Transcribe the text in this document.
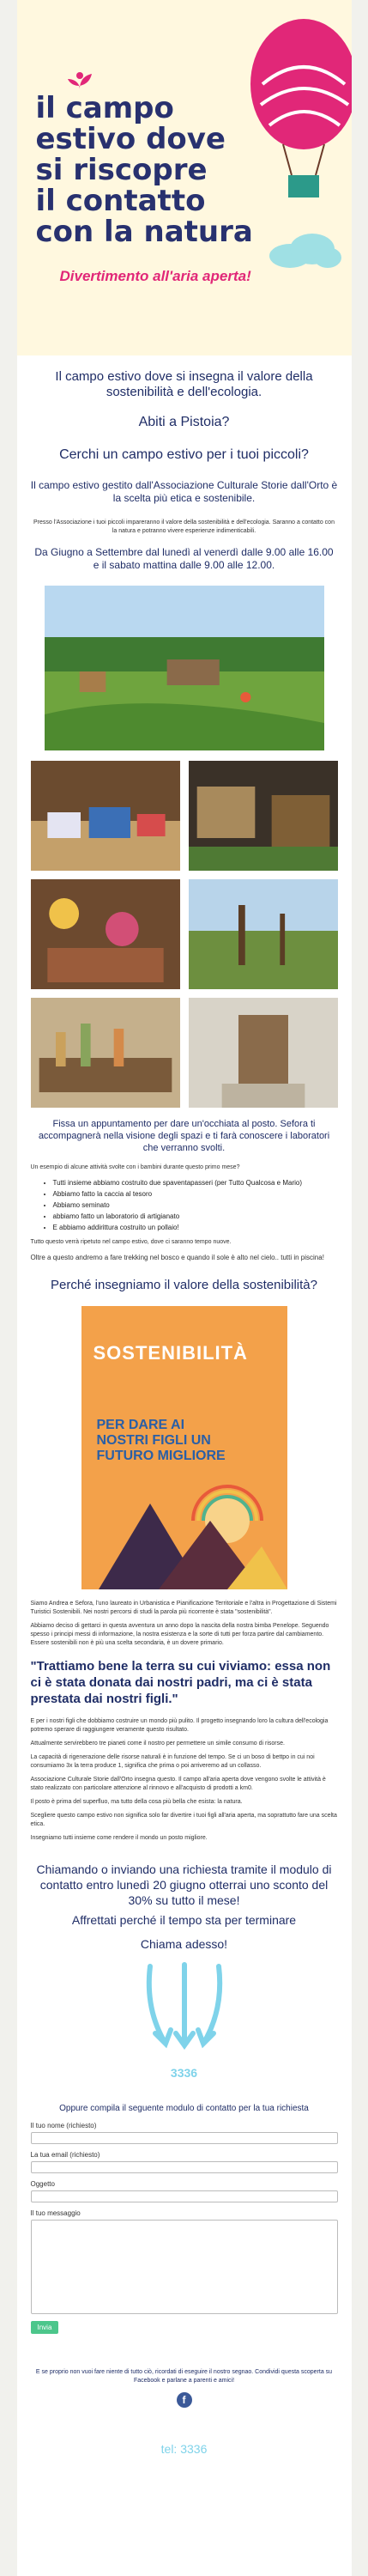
il campo
estivo dove
si riscopre
il contatto
con la natura
Divertimento all'aria aperta!
Il campo estivo dove si insegna il valore della sostenibilità e dell'ecologia.
Abiti a Pistoia?
Cerchi un campo estivo per i tuoi piccoli?
Il campo estivo gestito dall'Associazione Culturale Storie dall'Orto è la scelta più etica e sostenibile.
Presso l'Associazione i tuoi piccoli impareranno il valore della sostenibilità e dell'ecologia. Saranno a contatto con la natura e potranno vivere esperienze indimenticabili.
Da Giugno a Settembre dal lunedì al venerdì dalle 9.00 alle 16.00 e il sabato mattina dalle 9.00 alle 12.00.
Fissa un appuntamento per dare un'occhiata al posto. Sefora ti accompagnerà nella visione degli spazi e ti farà conoscere i laboratori che verranno svolti.
Un esempio di alcune attività svolte con i bambini durante questo primo mese?
• Tutti insieme abbiamo costruito due spaventapasseri (per Tutto Qualcosa e Mario)
• Abbiamo fatto la caccia al tesoro
• Abbiamo seminato
• abbiamo fatto un laboratorio di artigianato
• E abbiamo addirittura costruito un pollaio!
Tutto questo verrà ripetuto nel campo estivo, dove ci saranno tempo nuove.
Oltre a questo andremo a fare trekking nel bosco e quando il sole è alto nel cielo.. tutti in piscina!
Perché insegniamo il valore della sostenibilità?
SOSTENIBILITÀ
PER DARE AI
NOSTRI FIGLI UN
FUTURO MIGLIORE
Siamo Andrea e Sefora, l'uno laureato in Urbanistica e Pianificazione Territoriale e l'altra in Progettazione di Sistemi Turistici Sostenibili. Nei nostri percorsi di studi la parola più ricorrente è stata "sostenibilità".
Abbiamo deciso di gettarci in questa avventura un anno dopo la nascita della nostra bimba Penelope. Seguendo spesso i principi messi di informazione, la nostra esistenza e la sorte di tutti per forza partire dal cambiamento. Essere sostenibili non è più una scelta secondaria, è un dovere primario.
"Trattiamo bene la terra su cui viviamo: essa non ci è stata donata dai nostri padri, ma ci è stata prestata dai nostri figli."
E per i nostri figli che dobbiamo costruire un mondo più pulito. Il progetto insegnando loro la cultura dell'ecologia potremo sperare di raggiungere veramente questo risultato.
Attualmente servirebbero tre pianeti come il nostro per permettere un simile consumo di risorse.
La capacità di rigenerazione delle risorse naturali è in funzione del tempo. Se ci un boso di bettpo in cui noi consumiamo 3x la terra produce 1, significa che prima o poi arriveremo ad un collasso.
Associazione Culturale Storie dall'Orto insegna questo. Il campo all'aria aperta dove vengono svolte le attività è stato realizzato con particolare attenzione al rinnovo e all'acquisto di prodotti a km0.
Il posto è prima del superfluo, ma tutto della cosa più bella che esista: la natura.
Scegliere questo campo estivo non significa solo far divertire i tuoi figli all'aria aperta, ma soprattutto fare una scelta etica.
Insegniamo tutti insieme come rendere il mondo un posto migliore.
Chiamando o inviando una richiesta tramite il modulo di contatto entro lunedì 20 giugno otterrai uno sconto del 30% su tutto il mese!
Affrettati perché il tempo sta per terminare
Chiama adesso!
3336
Oppure compila il seguente modulo di contatto per la tua richiesta
Il tuo nome (richiesto)
La tua email (richiesto)
Oggetto
Il tuo messaggio
Invia
E se proprio non vuoi fare niente di tutto ciò, ricordati di eseguire il nostro segnao. Condividi questa scoperta su Facebook e parlane a parenti e amici!
f
tel: 3336
